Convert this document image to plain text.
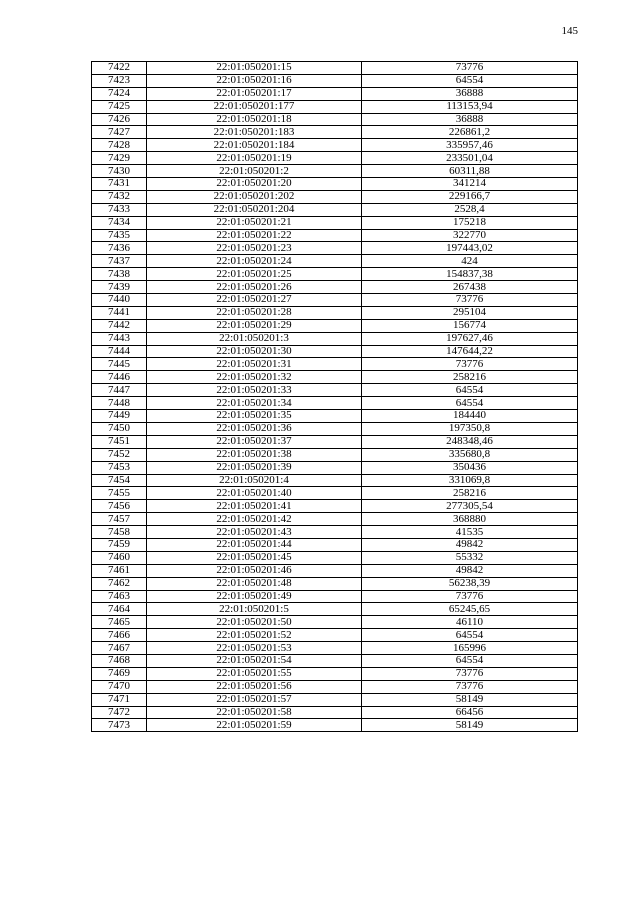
145
7422	22:01:050201:15	73776
7423	22:01:050201:16	64554
7424	22:01:050201:17	36888
7425	22:01:050201:177	113153,94
7426	22:01:050201:18	36888
7427	22:01:050201:183	226861,2
7428	22:01:050201:184	335957,46
7429	22:01:050201:19	233501,04
7430	22:01:050201:2	60311,88
7431	22:01:050201:20	341214
7432	22:01:050201:202	229166,7
7433	22:01:050201:204	2528,4
7434	22:01:050201:21	175218
7435	22:01:050201:22	322770
7436	22:01:050201:23	197443,02
7437	22:01:050201:24	424
7438	22:01:050201:25	154837,38
7439	22:01:050201:26	267438
7440	22:01:050201:27	73776
7441	22:01:050201:28	295104
7442	22:01:050201:29	156774
7443	22:01:050201:3	197627,46
7444	22:01:050201:30	147644,22
7445	22:01:050201:31	73776
7446	22:01:050201:32	258216
7447	22:01:050201:33	64554
7448	22:01:050201:34	64554
7449	22:01:050201:35	184440
7450	22:01:050201:36	197350,8
7451	22:01:050201:37	248348,46
7452	22:01:050201:38	335680,8
7453	22:01:050201:39	350436
7454	22:01:050201:4	331069,8
7455	22:01:050201:40	258216
7456	22:01:050201:41	277305,54
7457	22:01:050201:42	368880
7458	22:01:050201:43	41535
7459	22:01:050201:44	49842
7460	22:01:050201:45	55332
7461	22:01:050201:46	49842
7462	22:01:050201:48	56238,39
7463	22:01:050201:49	73776
7464	22:01:050201:5	65245,65
7465	22:01:050201:50	46110
7466	22:01:050201:52	64554
7467	22:01:050201:53	165996
7468	22:01:050201:54	64554
7469	22:01:050201:55	73776
7470	22:01:050201:56	73776
7471	22:01:050201:57	58149
7472	22:01:050201:58	66456
7473	22:01:050201:59	58149
